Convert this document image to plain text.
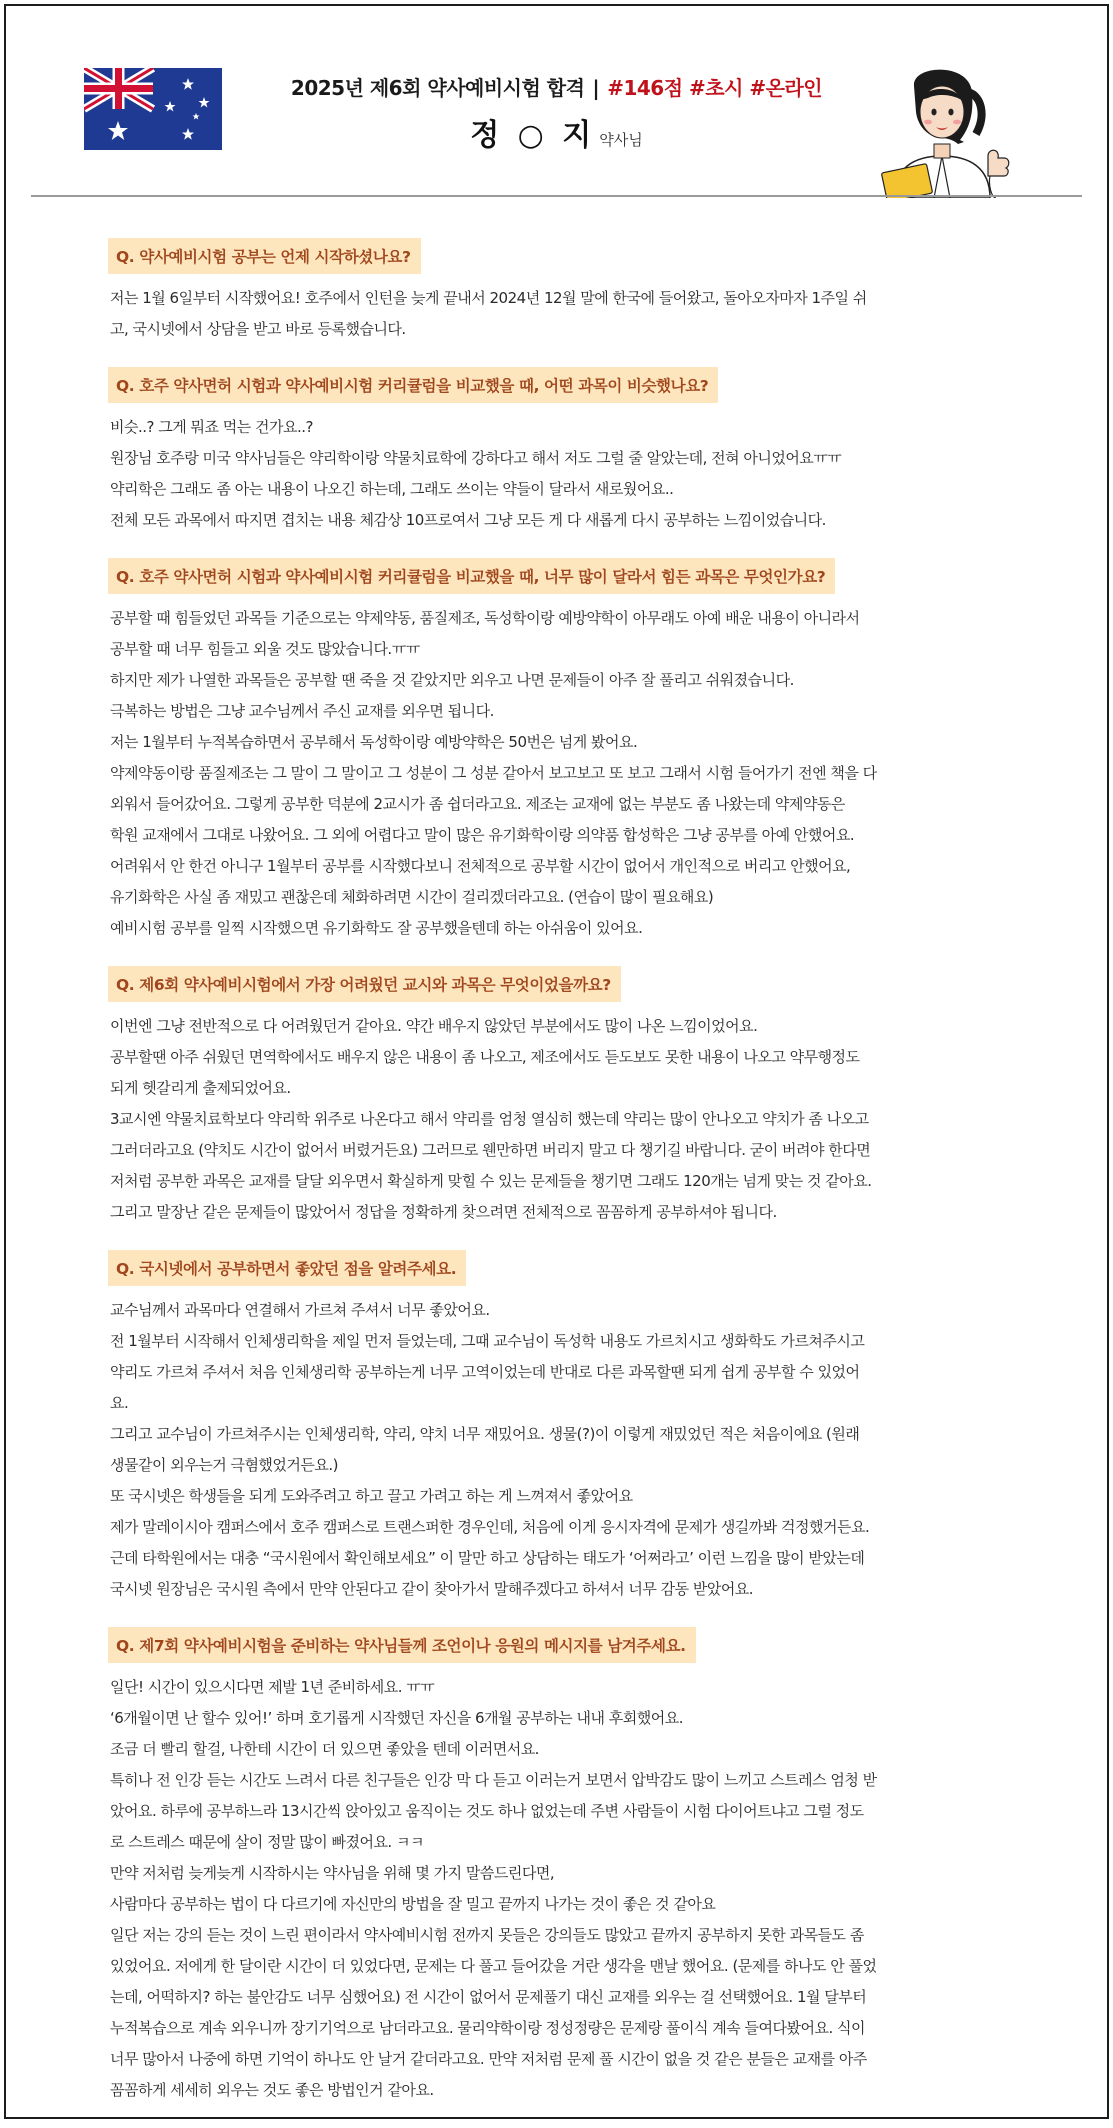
2025년 제6회 약사예비시험 합격 | #146점 #초시 #온라인
정 ○ 지 약사님
Q. 약사예비시험 공부는 언제 시작하셨나요?

저는 1월 6일부터 시작했어요! 호주에서 인턴을 늦게 끝내서 2024년 12월 말에 한국에 들어왔고, 돌아오자마자 1주일 쉬

고, 국시넷에서 상담을 받고 바로 등록했습니다.

Q. 호주 약사면허 시험과 약사예비시험 커리큘럼을 비교했을 때, 어떤 과목이 비슷했나요?

비슷..? 그게 뭐죠 먹는 건가요..?

원장님 호주랑 미국 약사님들은 약리학이랑 약물치료학에 강하다고 해서 저도 그럴 줄 알았는데, 전혀 아니었어요ㅠㅠ

약리학은 그래도 좀 아는 내용이 나오긴 하는데, 그래도 쓰이는 약들이 달라서 새로웠어요..

전체 모든 과목에서 따지면 겹치는 내용 체감상 10프로여서 그냥 모든 게 다 새롭게 다시 공부하는 느낌이었습니다.

Q. 호주 약사면허 시험과 약사예비시험 커리큘럼을 비교했을 때, 너무 많이 달라서 힘든 과목은 무엇인가요?

공부할 때 힘들었던 과목들 기준으로는 약제약동, 품질제조, 독성학이랑 예방약학이 아무래도 아예 배운 내용이 아니라서

공부할 때 너무 힘들고 외울 것도 많았습니다.ㅠㅠ

하지만 제가 나열한 과목들은 공부할 땐 죽을 것 같았지만 외우고 나면 문제들이 아주 잘 풀리고 쉬워졌습니다.

극복하는 방법은 그냥 교수님께서 주신 교재를 외우면 됩니다.

저는 1월부터 누적복습하면서 공부해서 독성학이랑 예방약학은 50번은 넘게 봤어요.

약제약동이랑 품질제조는 그 말이 그 말이고 그 성분이 그 성분 같아서 보고보고 또 보고 그래서 시험 들어가기 전엔 책을 다

외워서 들어갔어요. 그렇게 공부한 덕분에 2교시가 좀 쉽더라고요. 제조는 교재에 없는 부분도 좀 나왔는데 약제약동은

학원 교재에서 그대로 나왔어요. 그 외에 어렵다고 말이 많은 유기화학이랑 의약품 합성학은 그냥 공부를 아예 안했어요.

어려워서 안 한건 아니구 1월부터 공부를 시작했다보니 전체적으로 공부할 시간이 없어서 개인적으로 버리고 안했어요,

유기화학은 사실 좀 재밌고 괜찮은데 체화하려면 시간이 걸리겠더라고요. (연습이 많이 필요해요)

예비시험 공부를 일찍 시작했으면 유기화학도 잘 공부했을텐데 하는 아쉬움이 있어요.

Q. 제6회 약사예비시험에서 가장 어려웠던 교시와 과목은 무엇이었을까요?

이번엔 그냥 전반적으로 다 어려웠던거 같아요. 약간 배우지 않았던 부분에서도 많이 나온 느낌이었어요.

공부할땐 아주 쉬웠던 면역학에서도 배우지 않은 내용이 좀 나오고, 제조에서도 듣도보도 못한 내용이 나오고 약무행정도

되게 헷갈리게 출제되었어요.

3교시엔 약물치료학보다 약리학 위주로 나온다고 해서 약리를 엄청 열심히 했는데 약리는 많이 안나오고 약치가 좀 나오고

그러더라고요 (약치도 시간이 없어서 버렸거든요) 그러므로 웬만하면 버리지 말고 다 챙기길 바랍니다. 굳이 버려야 한다면

저처럼 공부한 과목은 교재를 달달 외우면서 확실하게 맞힐 수 있는 문제들을 챙기면 그래도 120개는 넘게 맞는 것 같아요.

그리고 말장난 같은 문제들이 많았어서 정답을 정확하게 찾으려면 전체적으로 꼼꼼하게 공부하셔야 됩니다.

Q. 국시넷에서 공부하면서 좋았던 점을 알려주세요.

교수님께서 과목마다 연결해서 가르쳐 주셔서 너무 좋았어요.

전 1월부터 시작해서 인체생리학을 제일 먼저 들었는데, 그때 교수님이 독성학 내용도 가르치시고 생화학도 가르쳐주시고

약리도 가르쳐 주셔서 처음 인체생리학 공부하는게 너무 고역이었는데 반대로 다른 과목할땐 되게 쉽게 공부할 수 있었어

요.

그리고 교수님이 가르쳐주시는 인체생리학, 약리, 약치 너무 재밌어요. 생물(?)이 이렇게 재밌었던 적은 처음이에요 (원래

생물같이 외우는거 극혐했었거든요.)

또 국시넷은 학생들을 되게 도와주려고 하고 끌고 가려고 하는 게 느껴져서 좋았어요

제가 말레이시아 캠퍼스에서 호주 캠퍼스로 트랜스퍼한 경우인데, 처음에 이게 응시자격에 문제가 생길까봐 걱정했거든요.

근데 타학원에서는 대충 “국시원에서 확인해보세요” 이 말만 하고 상담하는 태도가 ‘어쩌라고’ 이런 느낌을 많이 받았는데

국시넷 원장님은 국시원 측에서 만약 안된다고 같이 찾아가서 말해주겠다고 하셔서 너무 감동 받았어요.

Q. 제7회 약사예비시험을 준비하는 약사님들께 조언이나 응원의 메시지를 남겨주세요.

일단! 시간이 있으시다면 제발 1년 준비하세요. ㅠㅠ

‘6개월이면 난 할수 있어!’ 하며 호기롭게 시작했던 자신을 6개월 공부하는 내내 후회했어요.

조금 더 빨리 할걸, 나한테 시간이 더 있으면 좋았을 텐데 이러면서요.

특히나 전 인강 듣는 시간도 느려서 다른 친구들은 인강 막 다 듣고 이러는거 보면서 압박감도 많이 느끼고 스트레스 엄청 받

았어요. 하루에 공부하느라 13시간씩 앉아있고 움직이는 것도 하나 없었는데 주변 사람들이 시험 다이어트냐고 그럴 정도

로 스트레스 때문에 살이 정말 많이 빠졌어요. ㅋㅋ

만약 저처럼 늦게늦게 시작하시는 약사님을 위해 몇 가지 말씀드린다면,

사람마다 공부하는 법이 다 다르기에 자신만의 방법을 잘 밀고 끝까지 나가는 것이 좋은 것 같아요

일단 저는 강의 듣는 것이 느린 편이라서 약사예비시험 전까지 못들은 강의들도 많았고 끝까지 공부하지 못한 과목들도 좀

있었어요. 저에게 한 달이란 시간이 더 있었다면, 문제는 다 풀고 들어갔을 거란 생각을 맨날 했어요. (문제를 하나도 안 풀었

는데, 어떡하지? 하는 불안감도 너무 심했어요) 전 시간이 없어서 문제풀기 대신 교재를 외우는 걸 선택했어요. 1월 달부터

누적복습으로 계속 외우니까 장기기억으로 남더라고요. 물리약학이랑 정성정량은 문제랑 풀이식 계속 들여다봤어요. 식이

너무 많아서 나중에 하면 기억이 하나도 안 날거 같더라고요. 만약 저처럼 문제 풀 시간이 없을 것 같은 분들은 교재를 아주

꼼꼼하게 세세히 외우는 것도 좋은 방법인거 같아요.
